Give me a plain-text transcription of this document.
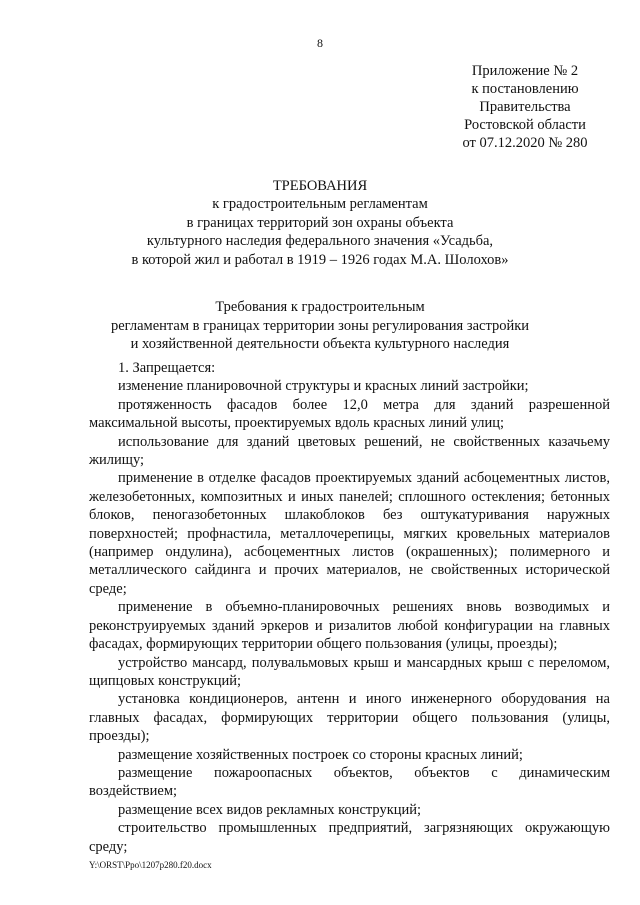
8
Приложение № 2
к постановлению
Правительства
Ростовской области
от 07.12.2020 № 280
ТРЕБОВАНИЯ
к градостроительным регламентам
в границах территорий зон охраны объекта
культурного наследия федерального значения «Усадьба,
в которой жил и работал в 1919 – 1926 годах М.А. Шолохов»
Требования к градостроительным
регламентам в границах территории зоны регулирования застройки
и хозяйственной деятельности объекта культурного наследия

1. Запрещается:

изменение планировочной структуры и красных линий застройки;

протяженность фасадов более 12,0 метра для зданий разрешенной максимальной высоты, проектируемых вдоль красных линий улиц;

использование для зданий цветовых решений, не свойственных казачьему жилищу;

применение в отделке фасадов проектируемых зданий асбоцементных листов, железобетонных, композитных и иных панелей; сплошного остекления; бетонных блоков, пеногазобетонных шлакоблоков без оштукатуривания наружных поверхностей; профнастила, металлочерепицы, мягких кровельных материалов (например ондулина), асбоцементных листов (окрашенных); полимерного и металлического сайдинга и прочих материалов, не свойственных исторической среде;

применение в объемно-планировочных решениях вновь возводимых и реконструируемых зданий эркеров и ризалитов любой конфигурации на главных фасадах, формирующих территории общего пользования (улицы, проезды);

устройство мансард, полувальмовых крыш и мансардных крыш с переломом, щипцовых конструкций;

установка кондиционеров, антенн и иного инженерного оборудования на главных фасадах, формирующих территории общего пользования (улицы, проезды);

размещение хозяйственных построек со стороны красных линий;

размещение пожароопасных объектов, объектов с динамическим воздействием;

размещение всех видов рекламных конструкций;

строительство промышленных предприятий, загрязняющих окружающую среду;

Y:\ORST\Ppo\1207p280.f20.docx
